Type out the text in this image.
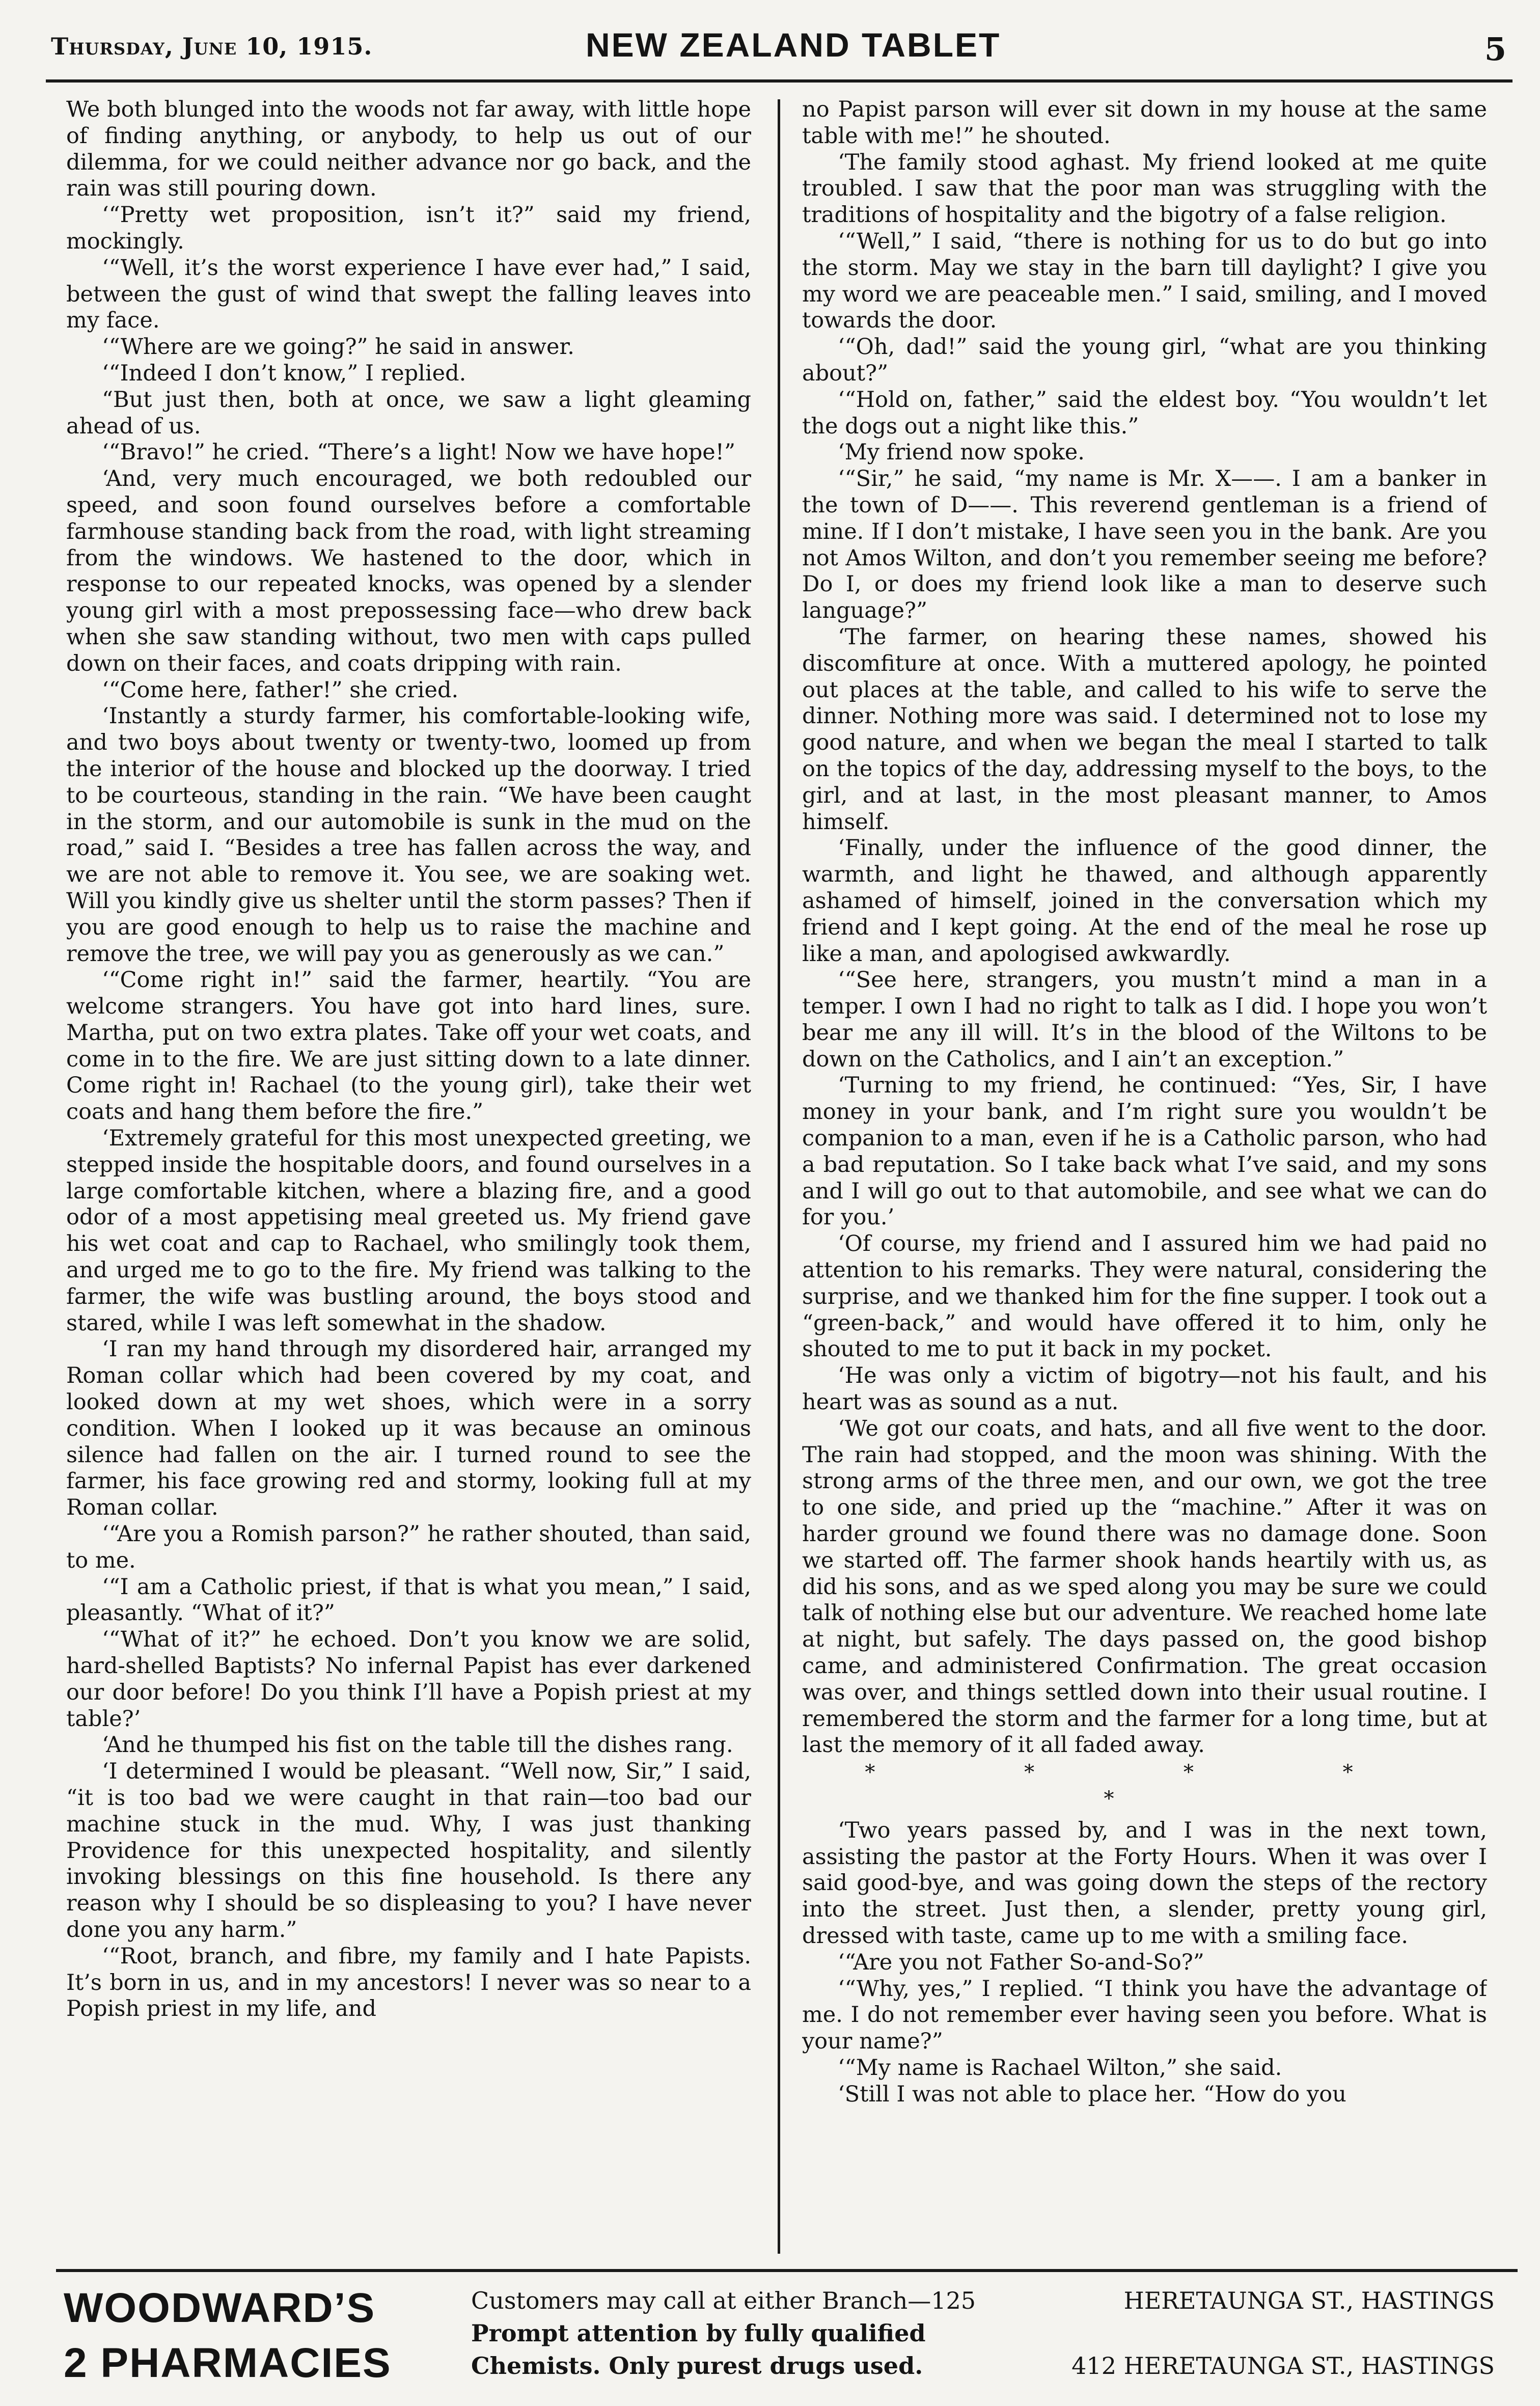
Thursday, June 10, 1915.	NEW ZEALAND TABLET	5

We both blunged into the woods not far away, with little hope of finding anything, or anybody, to help us out of our dilemma, for we could neither advance nor go back, and the rain was still pouring down.

‘“Pretty wet proposition, isn’t it?” said my friend, mockingly.

‘“Well, it’s the worst experience I have ever had,” I said, between the gust of wind that swept the falling leaves into my face.

‘“Where are we going?” he said in answer.

‘“Indeed I don’t know,” I replied.

“But just then, both at once, we saw a light gleaming ahead of us.

‘“Bravo!” he cried. “There’s a light! Now we have hope!”

‘And, very much encouraged, we both redoubled our speed, and soon found ourselves before a comfortable farmhouse standing back from the road, with light streaming from the windows. We hastened to the door, which in response to our repeated knocks, was opened by a slender young girl with a most prepossessing face—who drew back when she saw standing without, two men with caps pulled down on their faces, and coats dripping with rain.

‘“Come here, father!” she cried.

‘Instantly a sturdy farmer, his comfortable-looking wife, and two boys about twenty or twenty-two, loomed up from the interior of the house and blocked up the doorway. I tried to be courteous, standing in the rain. “We have been caught in the storm, and our automobile is sunk in the mud on the road,” said I. “Besides a tree has fallen across the way, and we are not able to remove it. You see, we are soaking wet. Will you kindly give us shelter until the storm passes? Then if you are good enough to help us to raise the machine and remove the tree, we will pay you as generously as we can.”

‘“Come right in!” said the farmer, heartily. “You are welcome strangers. You have got into hard lines, sure. Martha, put on two extra plates. Take off your wet coats, and come in to the fire. We are just sitting down to a late dinner. Come right in! Rachael (to the young girl), take their wet coats and hang them before the fire.”

‘Extremely grateful for this most unexpected greeting, we stepped inside the hospitable doors, and found ourselves in a large comfortable kitchen, where a blazing fire, and a good odor of a most appetising meal greeted us. My friend gave his wet coat and cap to Rachael, who smilingly took them, and urged me to go to the fire. My friend was talking to the farmer, the wife was bustling around, the boys stood and stared, while I was left somewhat in the shadow.

‘I ran my hand through my disordered hair, arranged my Roman collar which had been covered by my coat, and looked down at my wet shoes, which were in a sorry condition. When I looked up it was because an ominous silence had fallen on the air. I turned round to see the farmer, his face growing red and stormy, looking full at my Roman collar.

‘“Are you a Romish parson?” he rather shouted, than said, to me.

‘“I am a Catholic priest, if that is what you mean,” I said, pleasantly. “What of it?”

‘“What of it?” he echoed. Don’t you know we are solid, hard-shelled Baptists? No infernal Papist has ever darkened our door before! Do you think I’ll have a Popish priest at my table?’

‘And he thumped his fist on the table till the dishes rang.

‘I determined I would be pleasant. “Well now, Sir,” I said, “it is too bad we were caught in that rain—too bad our machine stuck in the mud. Why, I was just thanking Providence for this unexpected hospitality, and silently invoking blessings on this fine household. Is there any reason why I should be so displeasing to you? I have never done you any harm.”

‘“Root, branch, and fibre, my family and I hate Papists. It’s born in us, and in my ancestors! I never was so near to a Popish priest in my life, and

no Papist parson will ever sit down in my house at the same table with me!” he shouted.

‘The family stood aghast. My friend looked at me quite troubled. I saw that the poor man was struggling with the traditions of hospitality and the bigotry of a false religion.

‘“Well,” I said, “there is nothing for us to do but go into the storm. May we stay in the barn till daylight? I give you my word we are peaceable men.” I said, smiling, and I moved towards the door.

‘“Oh, dad!” said the young girl, “what are you thinking about?”

‘“Hold on, father,” said the eldest boy. “You wouldn’t let the dogs out a night like this.”

‘My friend now spoke.

‘“Sir,” he said, “my name is Mr. X——. I am a banker in the town of D——. This reverend gentleman is a friend of mine. If I don’t mistake, I have seen you in the bank. Are you not Amos Wilton, and don’t you remember seeing me before? Do I, or does my friend look like a man to deserve such language?”

‘The farmer, on hearing these names, showed his discomfiture at once. With a muttered apology, he pointed out places at the table, and called to his wife to serve the dinner. Nothing more was said. I determined not to lose my good nature, and when we began the meal I started to talk on the topics of the day, addressing myself to the boys, to the girl, and at last, in the most pleasant manner, to Amos himself.

‘Finally, under the influence of the good dinner, the warmth, and light he thawed, and although apparently ashamed of himself, joined in the conversation which my friend and I kept going. At the end of the meal he rose up like a man, and apologised awkwardly.

‘“See here, strangers, you mustn’t mind a man in a temper. I own I had no right to talk as I did. I hope you won’t bear me any ill will. It’s in the blood of the Wiltons to be down on the Catholics, and I ain’t an exception.”

‘Turning to my friend, he continued: “Yes, Sir, I have money in your bank, and I’m right sure you wouldn’t be companion to a man, even if he is a Catholic parson, who had a bad reputation. So I take back what I’ve said, and my sons and I will go out to that automobile, and see what we can do for you.’

‘Of course, my friend and I assured him we had paid no attention to his remarks. They were natural, considering the surprise, and we thanked him for the fine supper. I took out a “green-back,” and would have offered it to him, only he shouted to me to put it back in my pocket.

‘He was only a victim of bigotry—not his fault, and his heart was as sound as a nut.

‘We got our coats, and hats, and all five went to the door. The rain had stopped, and the moon was shining. With the strong arms of the three men, and our own, we got the tree to one side, and pried up the “machine.” After it was on harder ground we found there was no damage done. Soon we started off. The farmer shook hands heartily with us, as did his sons, and as we sped along you may be sure we could talk of nothing else but our adventure. We reached home late at night, but safely. The days passed on, the good bishop came, and administered Confirmation. The great occasion was over, and things settled down into their usual routine. I remembered the storm and the farmer for a long time, but at last the memory of it all faded away.

* * * * *

‘Two years passed by, and I was in the next town, assisting the pastor at the Forty Hours. When it was over I said good-bye, and was going down the steps of the rectory into the street. Just then, a slender, pretty young girl, dressed with taste, came up to me with a smiling face.

‘“Are you not Father So-and-So?”

‘“Why, yes,” I replied. “I think you have the advantage of me. I do not remember ever having seen you before. What is your name?”

‘“My name is Rachael Wilton,” she said.

‘Still I was not able to place her. “How do you

WOODWARD’S
2 PHARMACIES
Customers may call at either Branch—125	HERETAUNGA ST., HASTINGS
Prompt attention by fully qualified
Chemists. Only purest drugs used.	412 HERETAUNGA ST., HASTINGS
